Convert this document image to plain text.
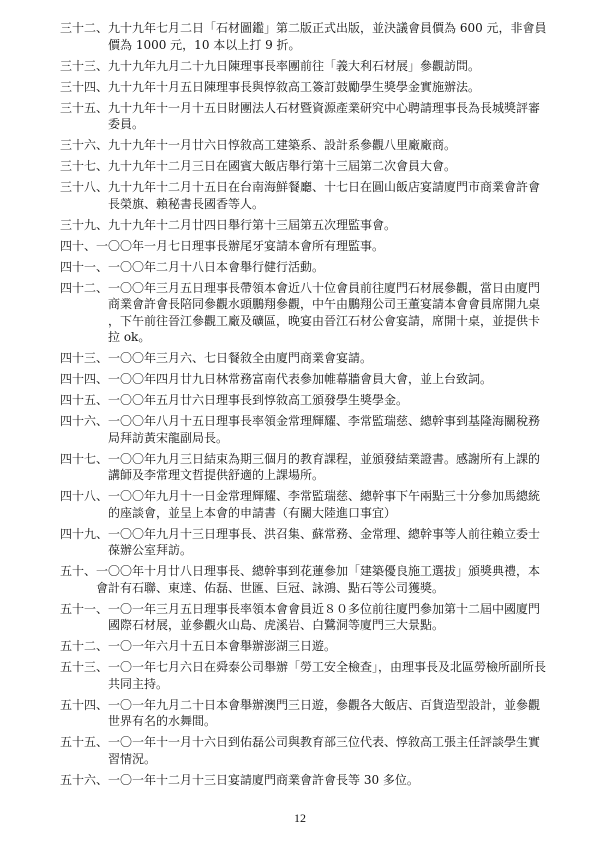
三十二、 九十九年七月二日「石材圖鑑」第二版正式出版，並決議會員價為 600 元，非會員價為 1000 元，10 本以上打 9 折。
三十三、 九十九年九月二十九日陳理事長率團前往「義大利石材展」參觀訪問。
三十四、 九十九年十月五日陳理事長與惇敘高工簽訂鼓勵學生獎學金實施辦法。
三十五、 九十九年十一月十五日財團法人石材暨資源產業研究中心聘請理事長為長城獎評審委員。
三十六、 九十九年十一月廿六日惇敘高工建築系、設計系參觀八里廠廠商。
三十七、 九十九年十二月三日在國賓大飯店舉行第十三屆第二次會員大會。
三十八、 九十九年十二月十五日在台南海鮮餐廳、十七日在圓山飯店宴請廈門市商業會許會長榮旗、賴秘書長國香等人。
三十九、 九十九年十二月廿四日舉行第十三屆第五次理監事會。
四十、 一〇〇年一月七日理事長辦尾牙宴請本會所有理監事。
四十一、 一〇〇年二月十八日本會舉行健行活動。
四十二、 一〇〇年三月五日理事長帶領本會近八十位會員前往廈門石材展參觀，當日由廈門商業會許會長陪同參觀水頭鵬翔參觀，中午由鵬翔公司王董宴請本會會員席開九桌，下午前往晉江參觀工廠及礦區，晚宴由晉江石材公會宴請，席開十桌，並提供卡拉 ok。
四十三、 一〇〇年三月六、七日餐敘全由廈門商業會宴請。
四十四、 一〇〇年四月廿九日林常務富南代表參加帷幕牆會員大會，並上台致詞。
四十五、 一〇〇年五月廿六日理事長到惇敘高工頒發學生獎學金。
四十六、 一〇〇年八月十五日理事長率領金常理輝耀、李常監瑞慈、總幹事到基隆海關稅務局拜訪黃宋龍副局長。
四十七、 一〇〇年九月三日結束為期三個月的教育課程，並頒發結業證書。感謝所有上課的講師及李常理文哲提供舒適的上課場所。
四十八、 一〇〇年九月十一日金常理輝耀、李常監瑞慈、總幹事下午兩點三十分參加馬總統的座談會，並呈上本會的申請書（有關大陸進口事宜）
四十九、 一〇〇年九月十三日理事長、洪召集、蘇常務、金常理、總幹事等人前往賴立委士葆辦公室拜訪。
五十、 一〇〇年十月廿八日理事長、總幹事到花蓮參加「建築優良施工選拔」頒獎典禮，本會計有石聯、東達、佑磊、世匯、巨冠、詠鴻、點石等公司獲獎。
五十一、 一〇一年三月五日理事長率領本會會員近８０多位前往廈門參加第十二屆中國廈門國際石材展，並參觀火山島、虎溪岩、白鷺洞等廈門三大景點。
五十二、 一〇一年六月十五日本會舉辦澎湖三日遊。
五十三、 一〇一年七月六日在舜泰公司舉辦「勞工安全檢查」，由理事長及北區勞檢所副所長共同主持。
五十四、 一〇一年九月二十日本會舉辦澳門三日遊，參觀各大飯店、百貨造型設計，並參觀世界有名的水舞間。
五十五、 一〇一年十一月十六日到佑磊公司與教育部三位代表、惇敘高工張主任評談學生實習情況。
五十六、 一〇一年十二月十三日宴請廈門商業會許會長等 30 多位。
12
